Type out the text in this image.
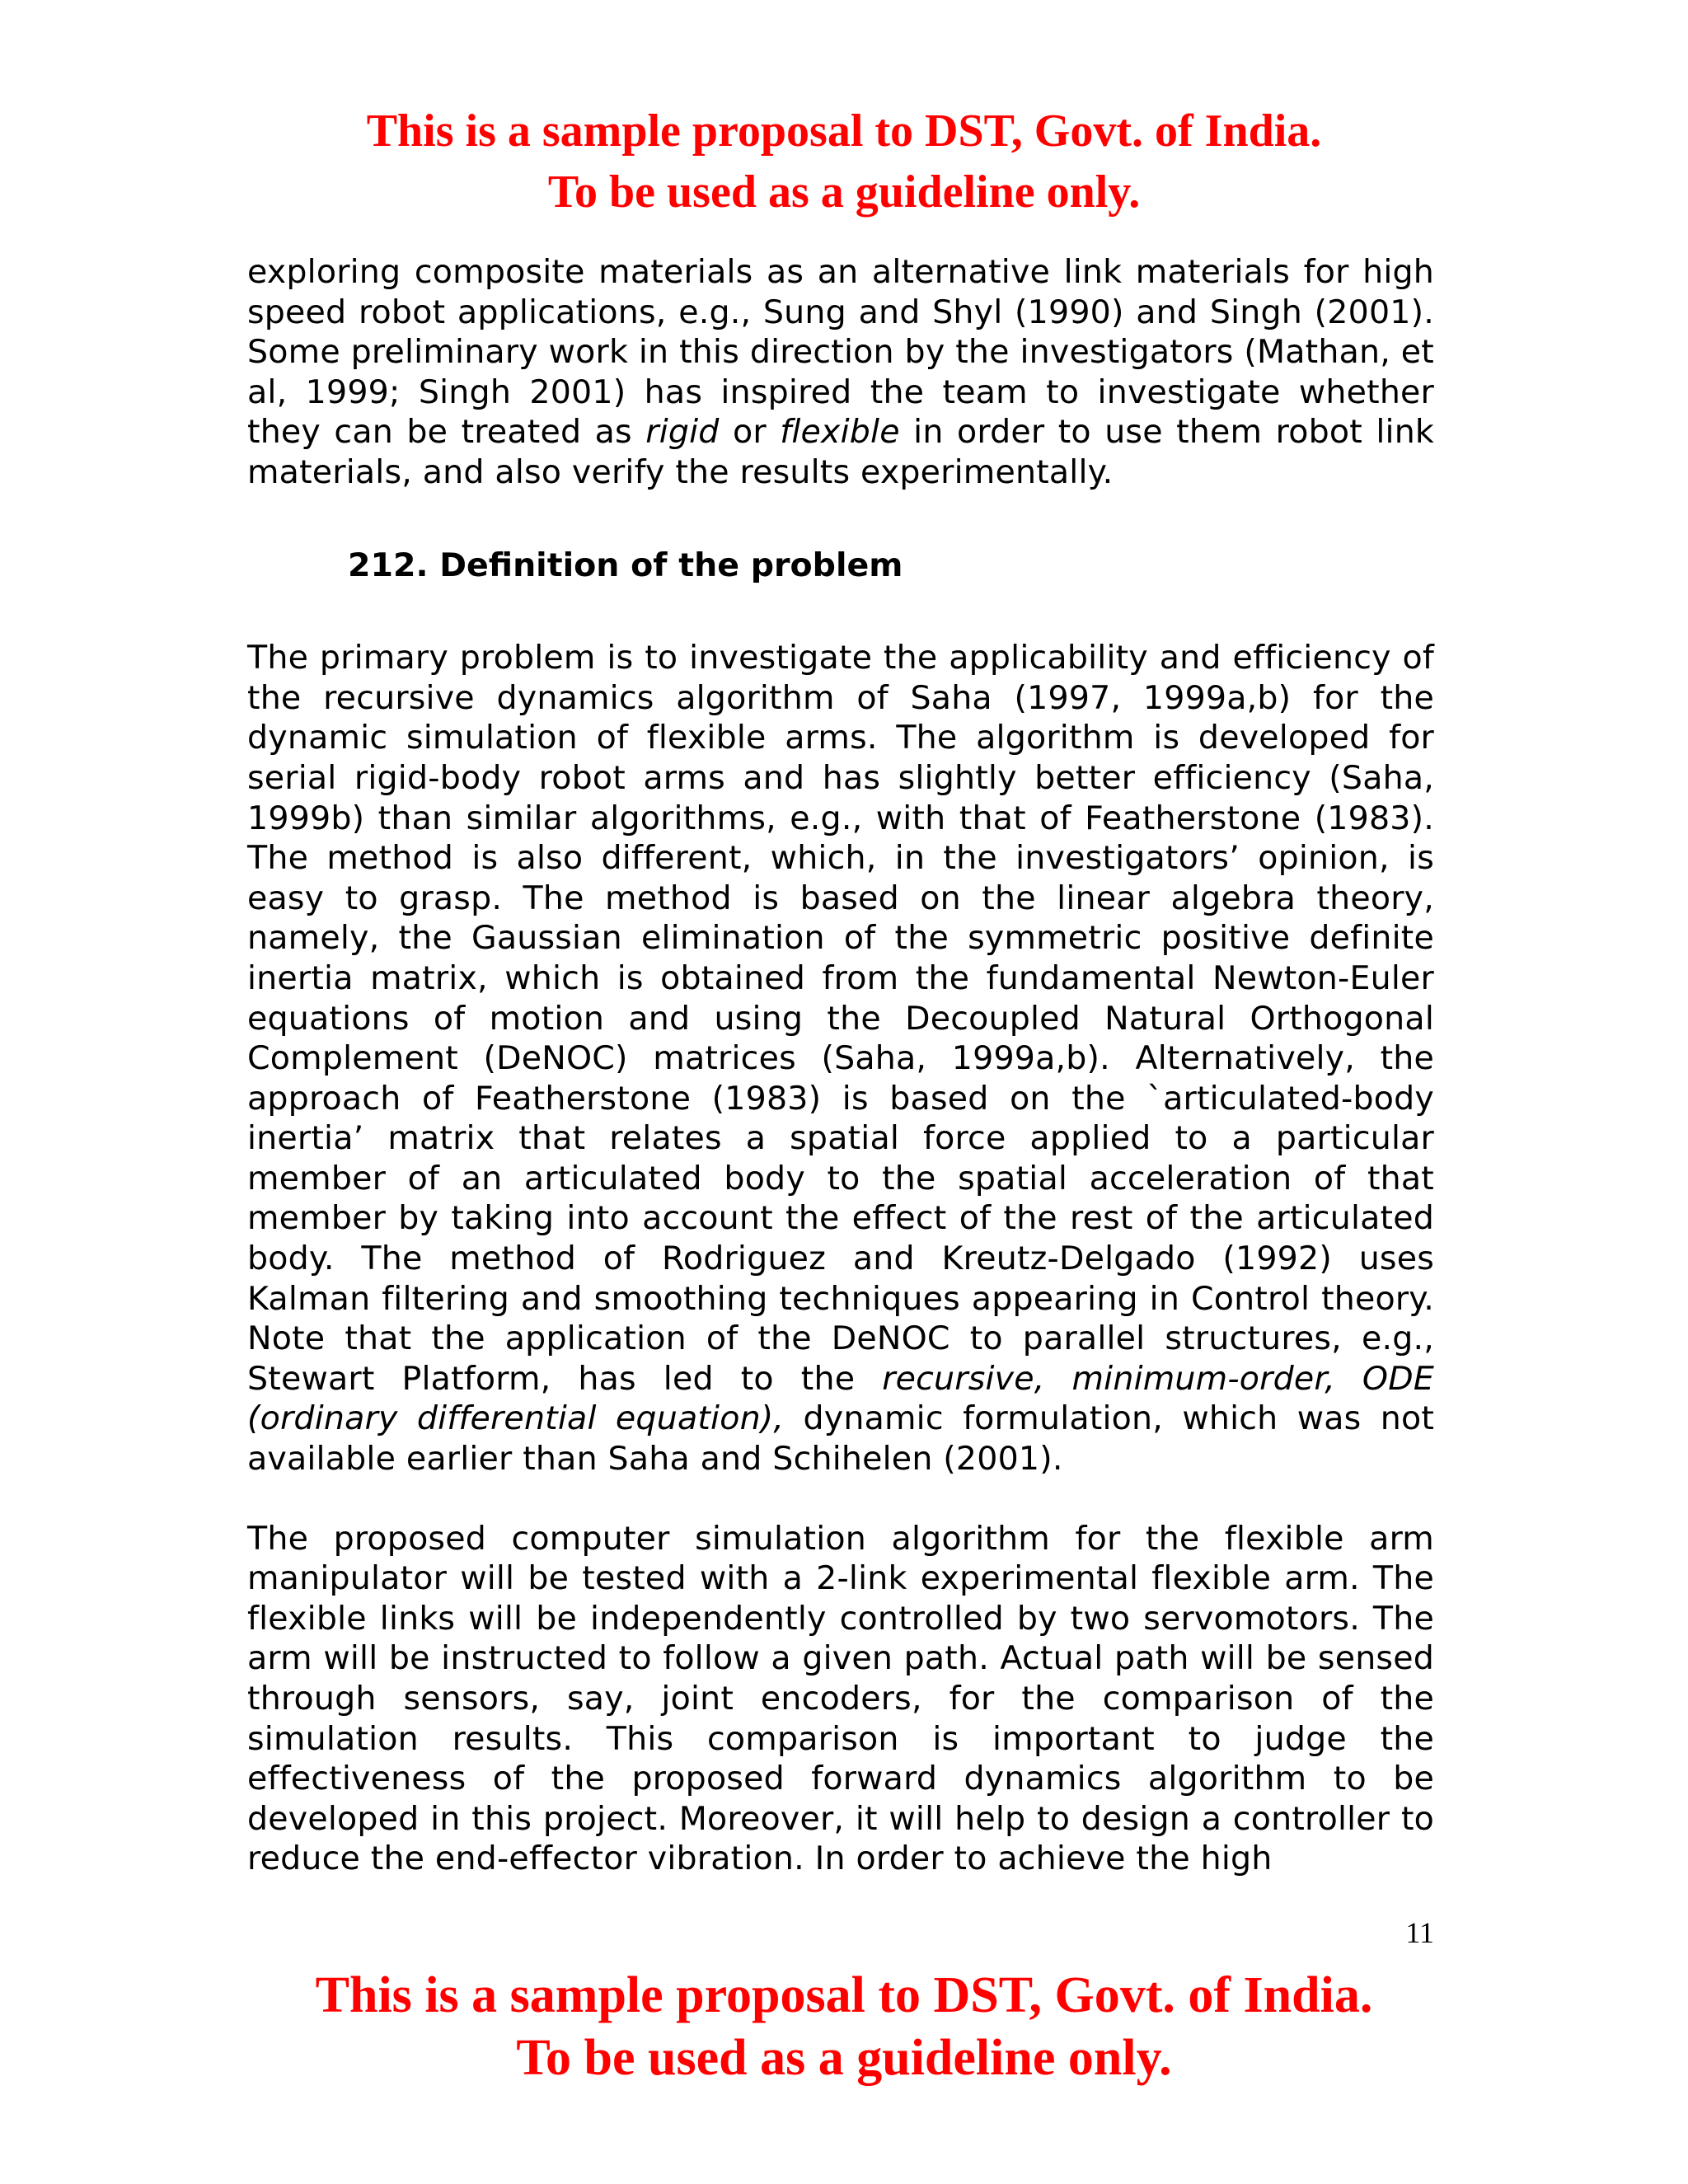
This is a sample proposal to DST, Govt. of India.
To be used as a guideline only.

exploring composite materials as an alternative link materials for high speed robot applications, e.g., Sung and Shyl (1990) and Singh (2001). Some preliminary work in this direction by the investigators (Mathan, et al, 1999; Singh 2001) has inspired the team to investigate whether they can be treated as rigid or flexible in order to use them robot link materials, and also verify the results experimentally.

212. Definition of the problem

The primary problem is to investigate the applicability and efficiency of the recursive dynamics algorithm of Saha (1997, 1999a,b) for the dynamic simulation of flexible arms. The algorithm is developed for serial rigid-body robot arms and has slightly better efficiency (Saha, 1999b) than similar algorithms, e.g., with that of Featherstone (1983). The method is also different, which, in the investigators’ opinion, is easy to grasp. The method is based on the linear algebra theory, namely, the Gaussian elimination of the symmetric positive definite inertia matrix, which is obtained from the fundamental Newton-Euler equations of motion and using the Decoupled Natural Orthogonal Complement (DeNOC) matrices (Saha, 1999a,b). Alternatively, the approach of Featherstone (1983) is based on the `articulated-body inertia’ matrix that relates a spatial force applied to a particular member of an articulated body to the spatial acceleration of that member by taking into account the effect of the rest of the articulated body. The method of Rodriguez and Kreutz-Delgado (1992) uses Kalman filtering and smoothing techniques appearing in Control theory. Note that the application of the DeNOC to parallel structures, e.g., Stewart Platform, has led to the recursive, minimum-order, ODE (ordinary differential equation), dynamic formulation, which was not available earlier than Saha and Schihelen (2001).

The proposed computer simulation algorithm for the flexible arm manipulator will be tested with a 2-link experimental flexible arm. The flexible links will be independently controlled by two servomotors. The arm will be instructed to follow a given path. Actual path will be sensed through sensors, say, joint encoders, for the comparison of the simulation results. This comparison is important to judge the effectiveness of the proposed forward dynamics algorithm to be developed in this project. Moreover, it will help to design a controller to reduce the end-effector vibration. In order to achieve the high

11
This is a sample proposal to DST, Govt. of India.
To be used as a guideline only.
